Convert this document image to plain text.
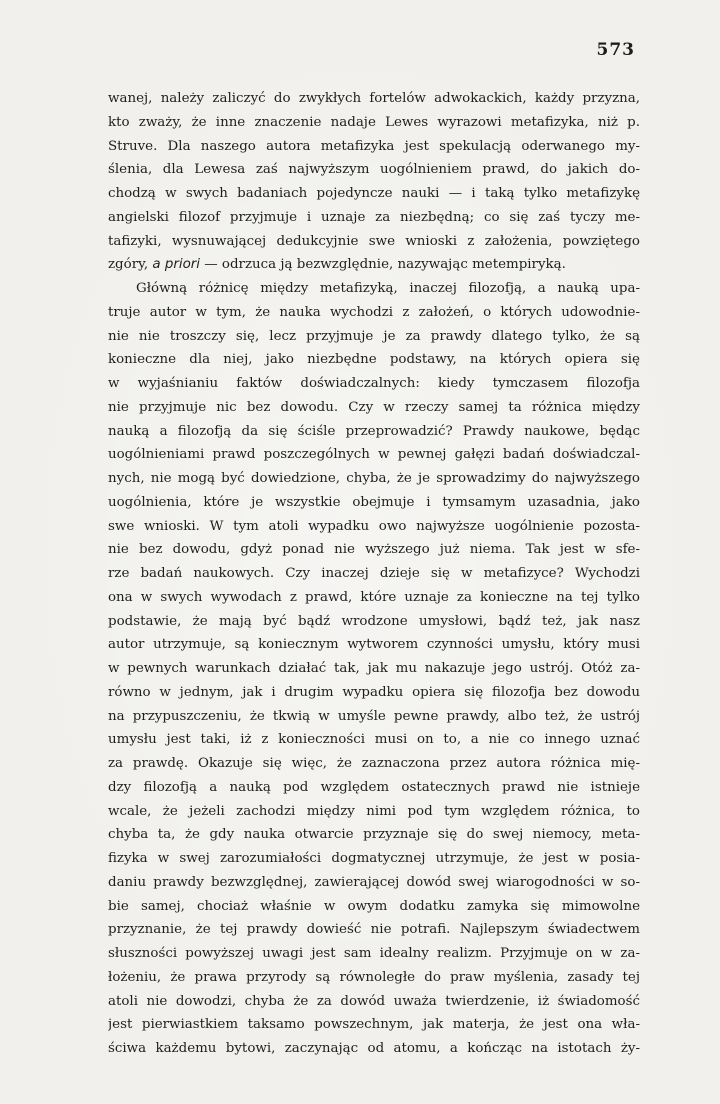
573
wanej, należy zaliczyć do zwykłych fortelów adwokackich, każdy przyzna,
kto zważy, że inne znaczenie nadaje Lewes wyrazowi metafizyka, niż p.
Struve. Dla naszego autora metafizyka jest spekulacją oderwanego my-
ślenia, dla Lewesa zaś najwyższym uogólnieniem prawd, do jakich do-
chodzą w swych badaniach pojedyncze nauki — i taką tylko metafizykę
angielski filozof przyjmuje i uznaje za niezbędną; co się zaś tyczy me-
tafizyki, wysnuwającej dedukcyjnie swe wnioski z założenia, powziętego
zgóry, a priori — odrzuca ją bezwzględnie, nazywając metempiryką.
Główną różnicę między metafizyką, inaczej filozofją, a nauką upa-
truje autor w tym, że nauka wychodzi z założeń, o których udowodnie-
nie nie troszczy się, lecz przyjmuje je za prawdy dlatego tylko, że są
konieczne dla niej, jako niezbędne podstawy, na których opiera się
w wyjaśnianiu faktów doświadczalnych: kiedy tymczasem filozofja
nie przyjmuje nic bez dowodu. Czy w rzeczy samej ta różnica między
nauką a filozofją da się ściśle przeprowadzić? Prawdy naukowe, będąc
uogólnieniami prawd poszczególnych w pewnej gałęzi badań doświadczal-
nych, nie mogą być dowiedzione, chyba, że je sprowadzimy do najwyższego
uogólnienia, które je wszystkie obejmuje i tymsamym uzasadnia, jako
swe wnioski. W tym atoli wypadku owo najwyższe uogólnienie pozosta-
nie bez dowodu, gdyż ponad nie wyższego już niema. Tak jest w sfe-
rze badań naukowych. Czy inaczej dzieje się w metafizyce? Wychodzi
ona w swych wywodach z prawd, które uznaje za konieczne na tej tylko
podstawie, że mają być bądź wrodzone umysłowi, bądź też, jak nasz
autor utrzymuje, są koniecznym wytworem czynności umysłu, który musi
w pewnych warunkach działać tak, jak mu nakazuje jego ustrój. Otóż za-
równo w jednym, jak i drugim wypadku opiera się filozofja bez dowodu
na przypuszczeniu, że tkwią w umyśle pewne prawdy, albo też, że ustrój
umysłu jest taki, iż z konieczności musi on to, a nie co innego uznać
za prawdę. Okazuje się więc, że zaznaczona przez autora różnica mię-
dzy filozofją a nauką pod względem ostatecznych prawd nie istnieje
wcale, że jeżeli zachodzi między nimi pod tym względem różnica, to
chyba ta, że gdy nauka otwarcie przyznaje się do swej niemocy, meta-
fizyka w swej zarozumiałości dogmatycznej utrzymuje, że jest w posia-
daniu prawdy bezwzględnej, zawierającej dowód swej wiarogodności w so-
bie samej, chociaż właśnie w owym dodatku zamyka się mimowolne
przyznanie, że tej prawdy dowieść nie potrafi. Najlepszym świadectwem
słuszności powyższej uwagi jest sam idealny realizm. Przyjmuje on w za-
łożeniu, że prawa przyrody są równoległe do praw myślenia, zasady tej
atoli nie dowodzi, chyba że za dowód uważa twierdzenie, iż świadomość
jest pierwiastkiem taksamo powszechnym, jak materja, że jest ona wła-
ściwa każdemu bytowi, zaczynając od atomu, a kończąc na istotach ży-
